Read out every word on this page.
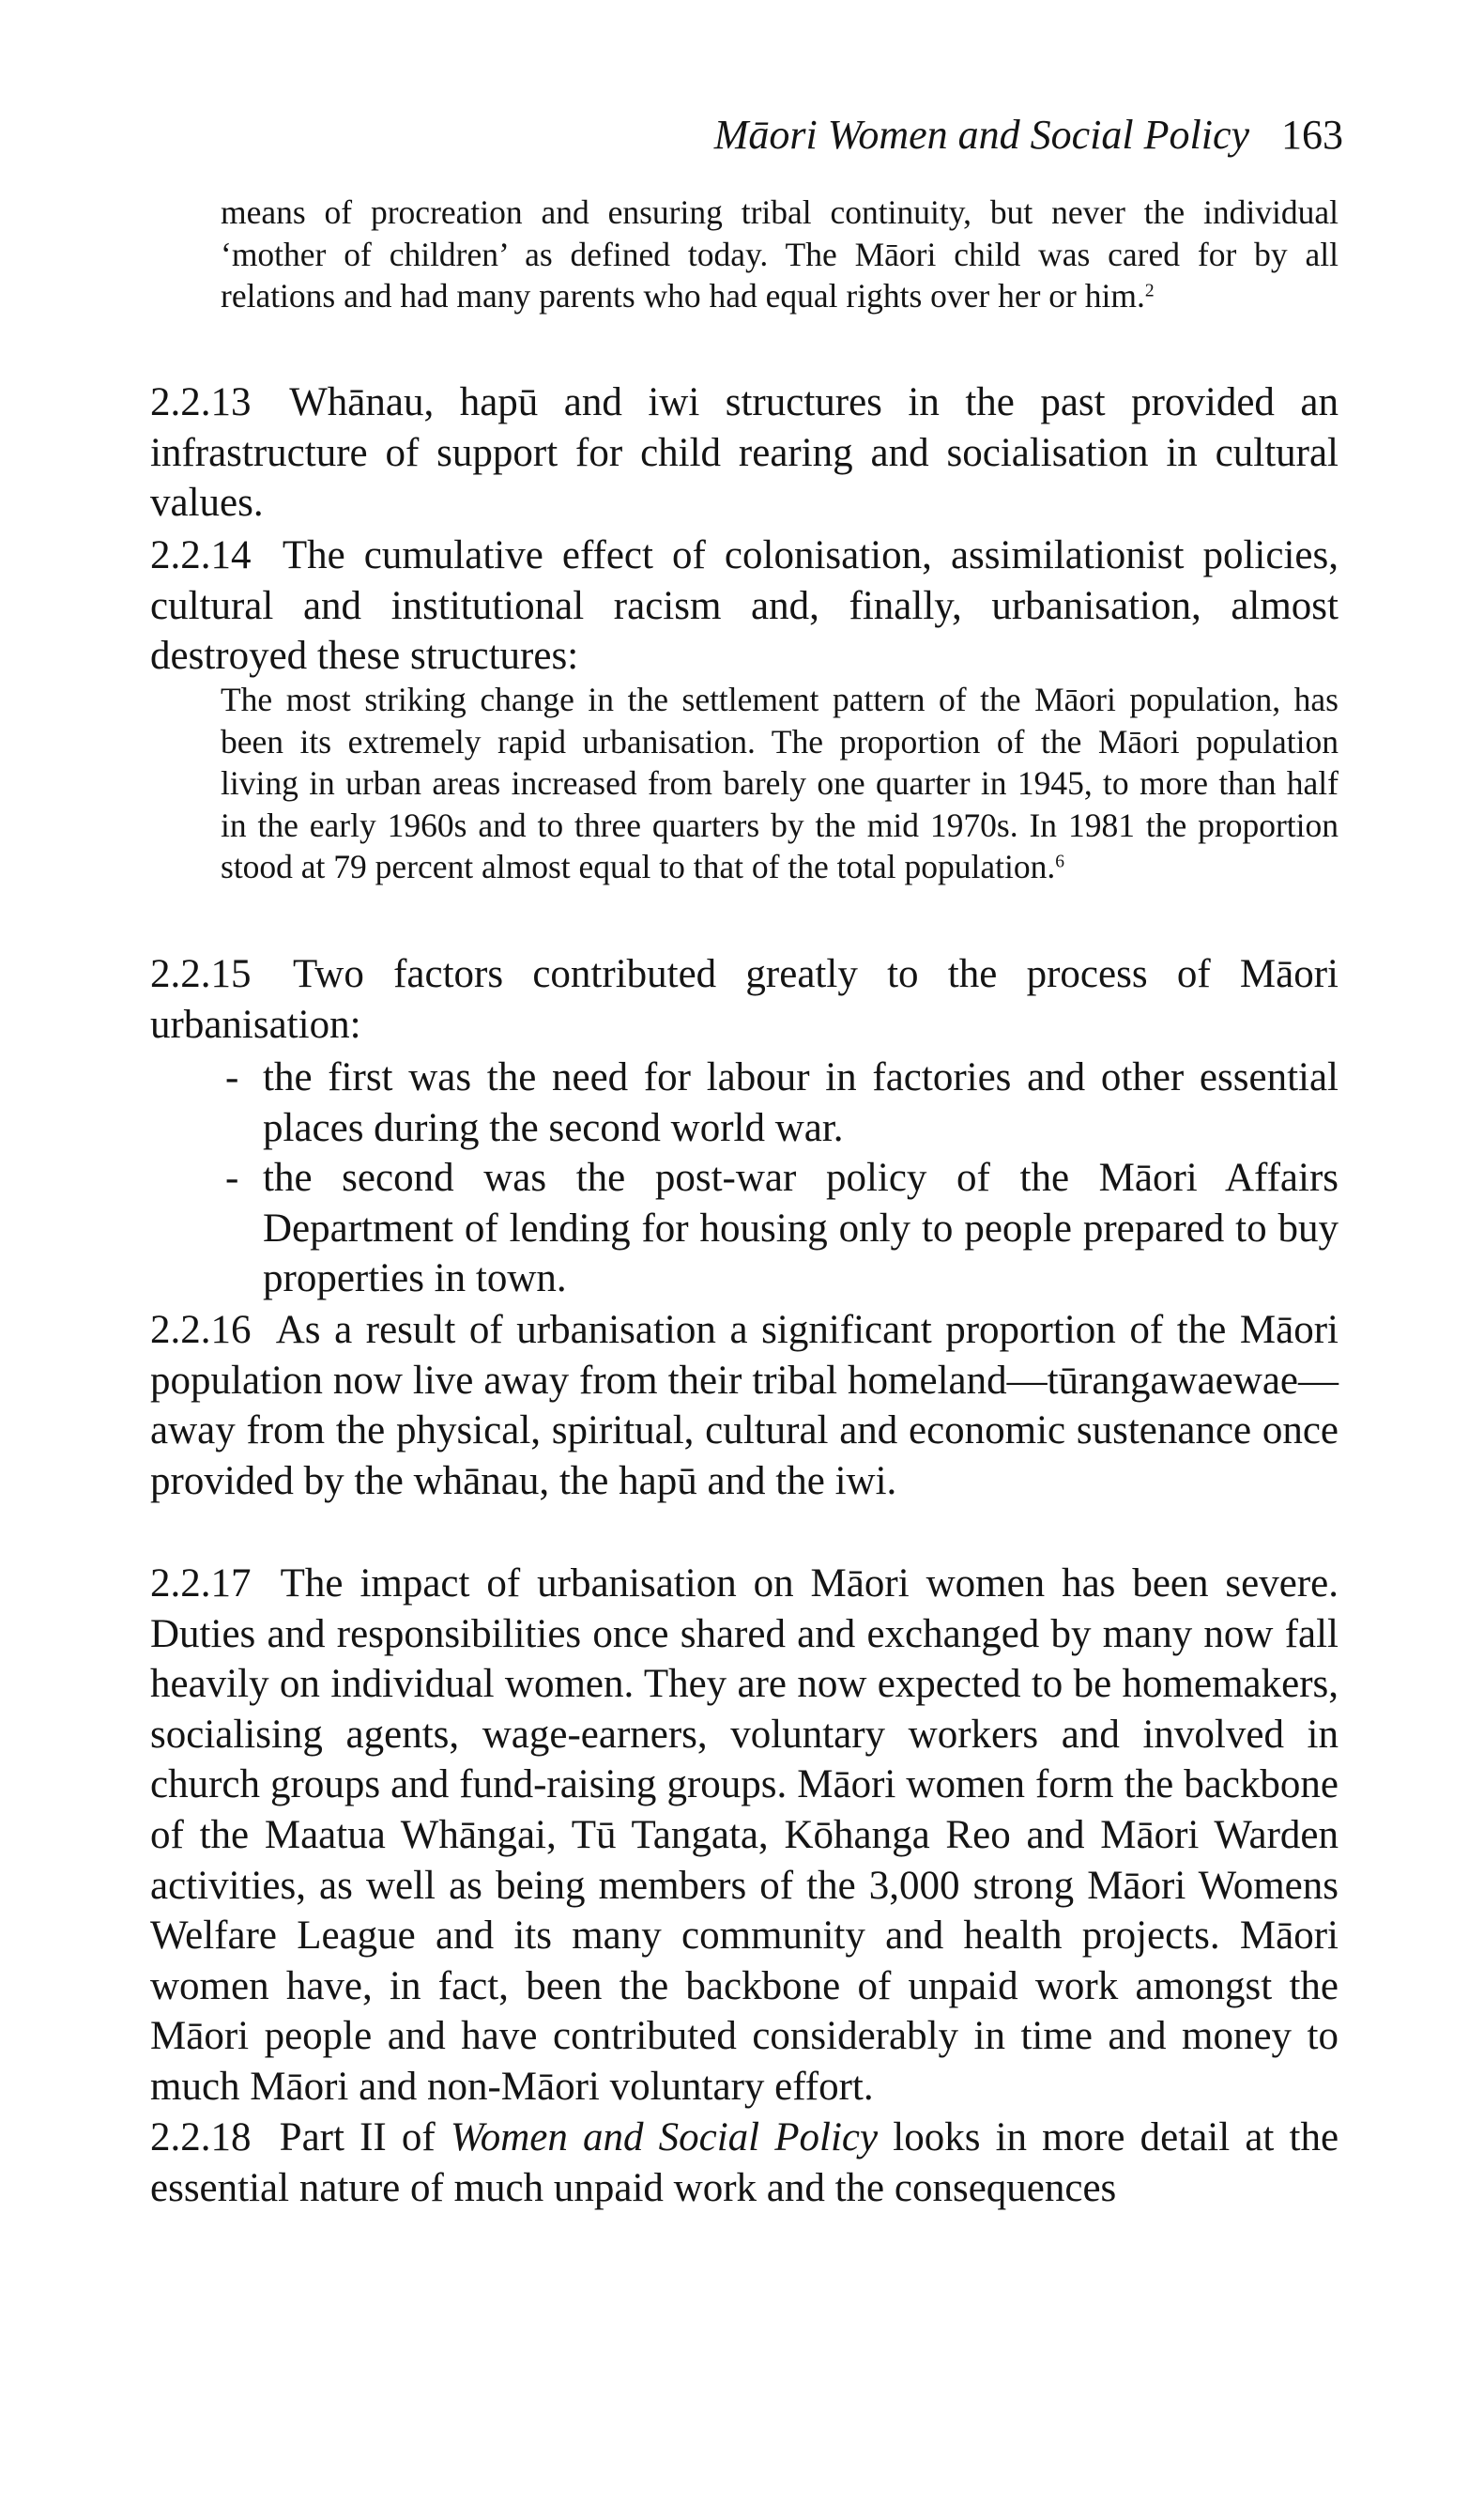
Māori Women and Social Policy 163
means of procreation and ensuring tribal continuity, but never the individual ‘mother of children’ as defined today. The Māori child was cared for by all relations and had many parents who had equal rights over her or him.$^2$
2.2.13 Whānau, hapū and iwi structures in the past provided an infrastructure of support for child rearing and socialisation in cultural values.
2.2.14 The cumulative effect of colonisation, assimilationist policies, cultural and institutional racism and, finally, urbanisation, almost destroyed these structures:
The most striking change in the settlement pattern of the Māori population, has been its extremely rapid urbanisation. The proportion of the Māori population living in urban areas increased from barely one quarter in 1945, to more than half in the early 1960s and to three quarters by the mid 1970s. In 1981 the proportion stood at 79 percent almost equal to that of the total population.$^6$
2.2.15 Two factors contributed greatly to the process of Māori urbanisation:
- the first was the need for labour in factories and other essential places during the second world war.
- the second was the post-war policy of the Māori Affairs Department of lending for housing only to people prepared to buy properties in town.
2.2.16 As a result of urbanisation a significant proportion of the Māori population now live away from their tribal homeland—tūrangawaewae—away from the physical, spiritual, cultural and economic sustenance once provided by the whānau, the hapū and the iwi.
2.2.17 The impact of urbanisation on Māori women has been severe. Duties and responsibilities once shared and exchanged by many now fall heavily on individual women. They are now expected to be homemakers, socialising agents, wage-earners, voluntary workers and involved in church groups and fund-raising groups. Māori women form the backbone of the Maatua Whāngai, Tū Tangata, Kōhanga Reo and Māori Warden activities, as well as being members of the 3,000 strong Māori Womens Welfare League and its many community and health projects. Māori women have, in fact, been the backbone of unpaid work amongst the Māori people and have contributed considerably in time and money to much Māori and non-Māori voluntary effort.
2.2.18 Part II of Women and Social Policy looks in more detail at the essential nature of much unpaid work and the consequences
